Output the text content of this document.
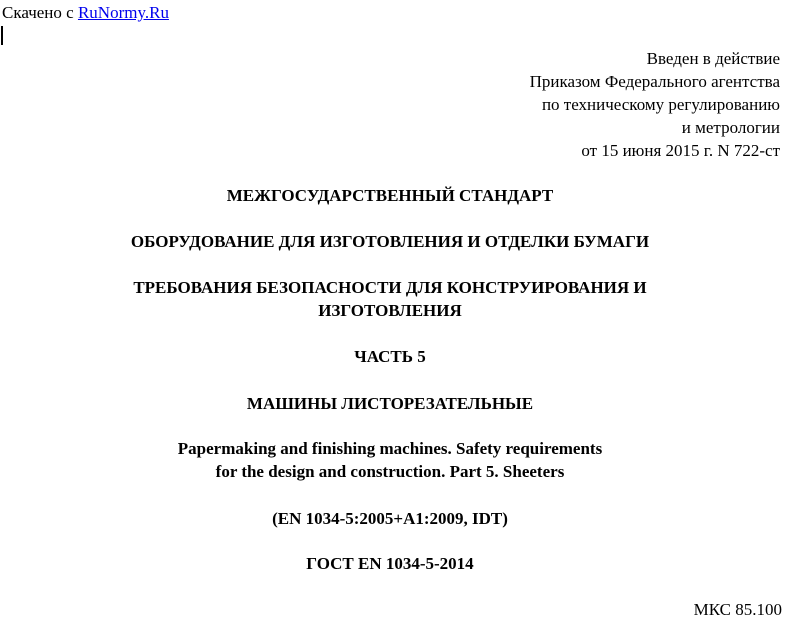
Скачено с RuNormy.Ru
Введен в действие
Приказом Федерального агентства
по техническому регулированию
и метрологии
от 15 июня 2015 г. N 722-ст
МЕЖГОСУДАРСТВЕННЫЙ СТАНДАРТ
ОБОРУДОВАНИЕ ДЛЯ ИЗГОТОВЛЕНИЯ И ОТДЕЛКИ БУМАГИ
ТРЕБОВАНИЯ БЕЗОПАСНОСТИ ДЛЯ КОНСТРУИРОВАНИЯ И
ИЗГОТОВЛЕНИЯ
ЧАСТЬ 5
МАШИНЫ ЛИСТОРЕЗАТЕЛЬНЫЕ
Papermaking and finishing machines. Safety requirements
for the design and construction. Part 5. Sheeters
(EN 1034-5:2005+A1:2009, IDT)
ГОСТ EN 1034-5-2014
МКС 85.100
